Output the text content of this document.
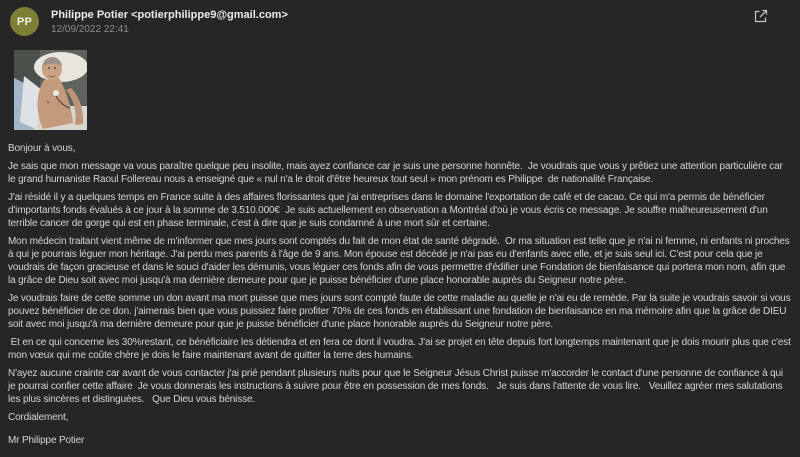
PP
Philippe Potier <potierphilippe9@gmail.com>
12/09/2022 22:41

Bonjour à vous,

Je sais que mon message va vous paraître quelque peu insolite, mais ayez confiance car je suis une personne honnête.  Je voudrais que vous y prêtiez une attention particulière car le grand humaniste Raoul Follereau nous a enseigné que « nul n'a le droit d'être heureux tout seul » mon prénom es Philippe  de nationalité Française.

J'ai résidé il y a quelques temps en France suite à des affaires florissantes que j'ai entreprises dans le domaine l'exportation de café et de cacao. Ce qui m'a permis de bénéficier d'importants fonds évalués à ce jour à la somme de 3.510.000€  Je suis actuellement en observation a Montréal d'où je vous écris ce message. Je souffre malheureusement d'un terrible cancer de gorge qui est en phase terminale, c'est à dire que je suis condamné à une mort sûr et certaine.

Mon médecin traitant vient même de m'informer que mes jours sont comptés du fait de mon état de santé dégradé.  Or ma situation est telle que je n'ai ni femme, ni enfants ni proches à qui je pourrais léguer mon héritage. J'ai perdu mes parents à l'âge de 9 ans. Mon épouse est décédé je n'ai pas eu d'enfants avec elle, et je suis seul ici. C'est pour cela que je voudrais de façon gracieuse et dans le souci d'aider les démunis, vous léguer ces fonds afin de vous permettre d'édifier une Fondation de bienfaisance qui portera mon nom, afin que la grâce de Dieu soit avec moi jusqu'à ma dernière demeure pour que je puisse bénéficier d'une place honorable auprès du Seigneur notre père.

Je voudrais faire de cette somme un don avant ma mort puisse que mes jours sont compté faute de cette maladie au quelle je n'ai eu de remède. Par la suite je voudrais savoir si vous pouvez bénéficier de ce don. j'aimerais bien que vous puissiez faire profiter 70% de ces fonds en établissant une fondation de bienfaisance en ma mémoire afin que la grâce de DIEU soit avec moi jusqu'à ma dernière demeure pour que je puisse bénéficier d'une place honorable auprès du Seigneur notre père.

Et en ce qui concerne les 30%restant, ce bénéficiaire les détiendra et en fera ce dont il voudra. J'ai se projet en tête depuis fort longtemps maintenant que je dois mourir plus que c'est mon vœux qui me coûte chère je dois le faire maintenant avant de quitter la terre des humains.

N'ayez aucune crainte car avant de vous contacter j'ai prié pendant plusieurs nuits pour que le Seigneur Jésus Christ puisse m'accorder le contact d'une personne de confiance à qui je pourrai confier cette affaire  Je vous donnerais les instructions à suivre pour être en possession de mes fonds.   Je suis dans l'attente de vous lire.   Veuillez agréer mes salutations les plus sincères et distinguées.   Que Dieu vous bénisse.

Cordialement,

Mr Philippe Potier
